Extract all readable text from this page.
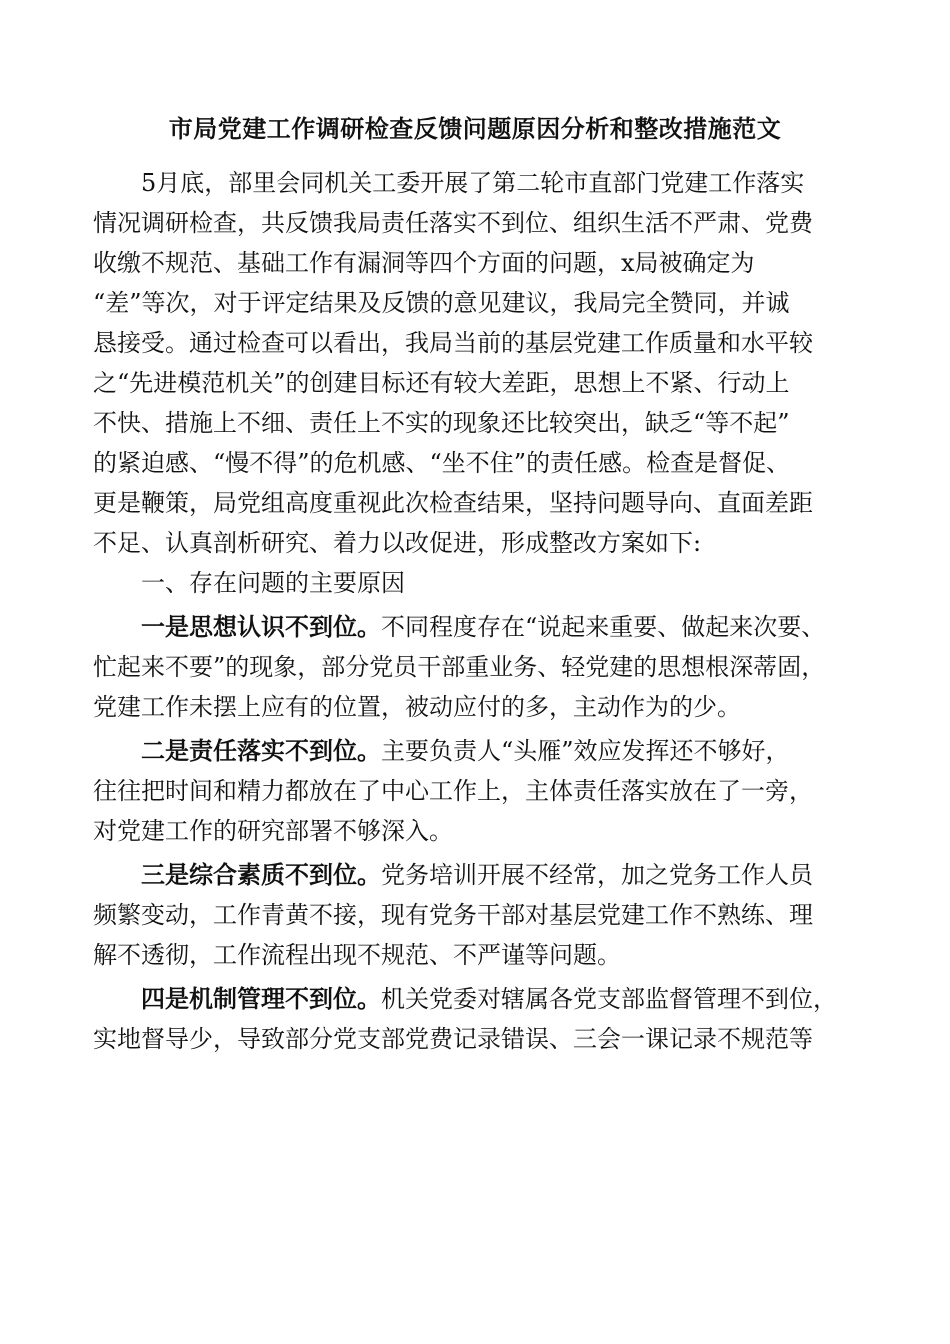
市局党建工作调研检查反馈问题原因分析和整改措施范文
5月底，部里会同机关工委开展了第二轮市直部门党建工作落实
情况调研检查，共反馈我局责任落实不到位、组织生活不严肃、党费
收缴不规范、基础工作有漏洞等四个方面的问题，x局被确定为
“差”等次，对于评定结果及反馈的意见建议，我局完全赞同，并诚
恳接受。通过检查可以看出，我局当前的基层党建工作质量和水平较
之“先进模范机关”的创建目标还有较大差距，思想上不紧、行动上
不快、措施上不细、责任上不实的现象还比较突出，缺乏“等不起”
的紧迫感、“慢不得”的危机感、“坐不住”的责任感。检查是督促、
更是鞭策，局党组高度重视此次检查结果，坚持问题导向、直面差距
不足、认真剖析研究、着力以改促进，形成整改方案如下:
一、存在问题的主要原因
一是思想认识不到位。不同程度存在“说起来重要、做起来次要、
忙起来不要”的现象，部分党员干部重业务、轻党建的思想根深蒂固，
党建工作未摆上应有的位置，被动应付的多，主动作为的少。
二是责任落实不到位。主要负责人“头雁”效应发挥还不够好，
往往把时间和精力都放在了中心工作上，主体责任落实放在了一旁，
对党建工作的研究部署不够深入。
三是综合素质不到位。党务培训开展不经常，加之党务工作人员
频繁变动，工作青黄不接，现有党务干部对基层党建工作不熟练、理
解不透彻，工作流程出现不规范、不严谨等问题。
四是机制管理不到位。机关党委对辖属各党支部监督管理不到位，
实地督导少，导致部分党支部党费记录错误、三会一课记录不规范等
